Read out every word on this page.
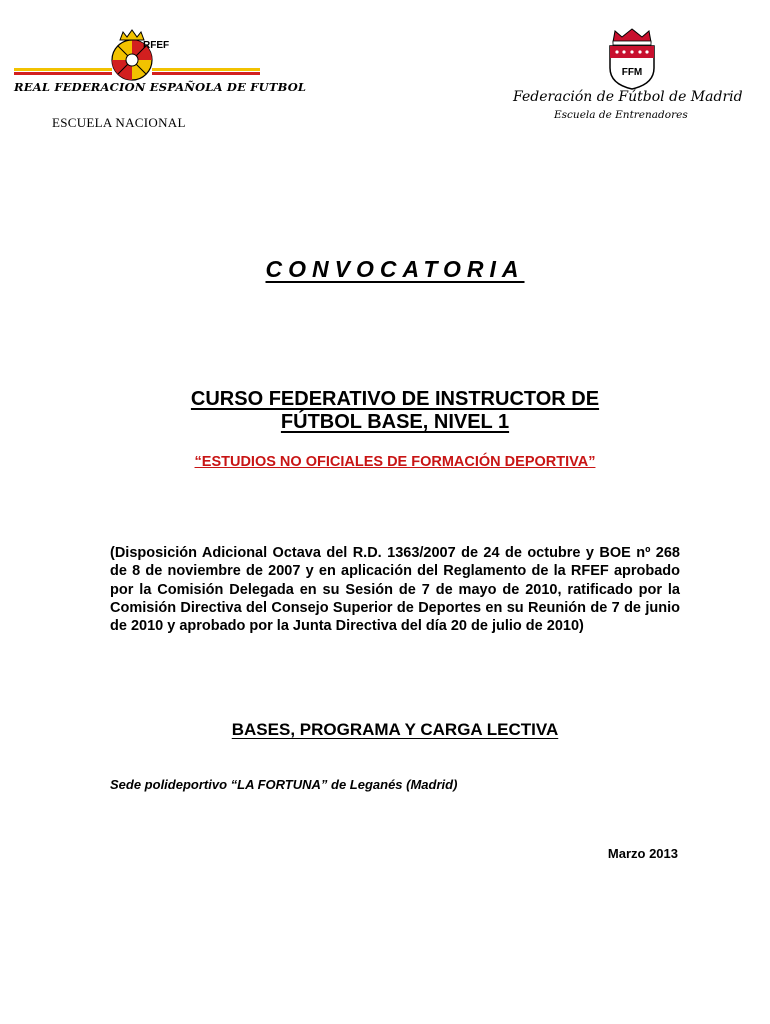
RFEF
REAL FEDERACION ESPAÑOLA DE FUTBOL
ESCUELA NACIONAL
FFM
Federación de Fútbol de Madrid
Escuela de Entrenadores
CONVOCATORIA
CURSO FEDERATIVO DE INSTRUCTOR DE
FÚTBOL BASE, NIVEL 1
“ESTUDIOS NO OFICIALES DE FORMACIÓN DEPORTIVA”
(Disposición Adicional Octava del R.D. 1363/2007 de 24 de octubre y BOE nº 268 de 8 de noviembre de 2007 y en aplicación del Reglamento de la RFEF aprobado por la Comisión Delegada en su Sesión de 7 de mayo de 2010, ratificado por la Comisión Directiva del Consejo Superior de Deportes en su Reunión de 7 de junio de 2010 y aprobado por la Junta Directiva del día 20 de julio de 2010)
BASES, PROGRAMA Y CARGA LECTIVA
Sede polideportivo “LA FORTUNA” de Leganés (Madrid)
Marzo 2013
